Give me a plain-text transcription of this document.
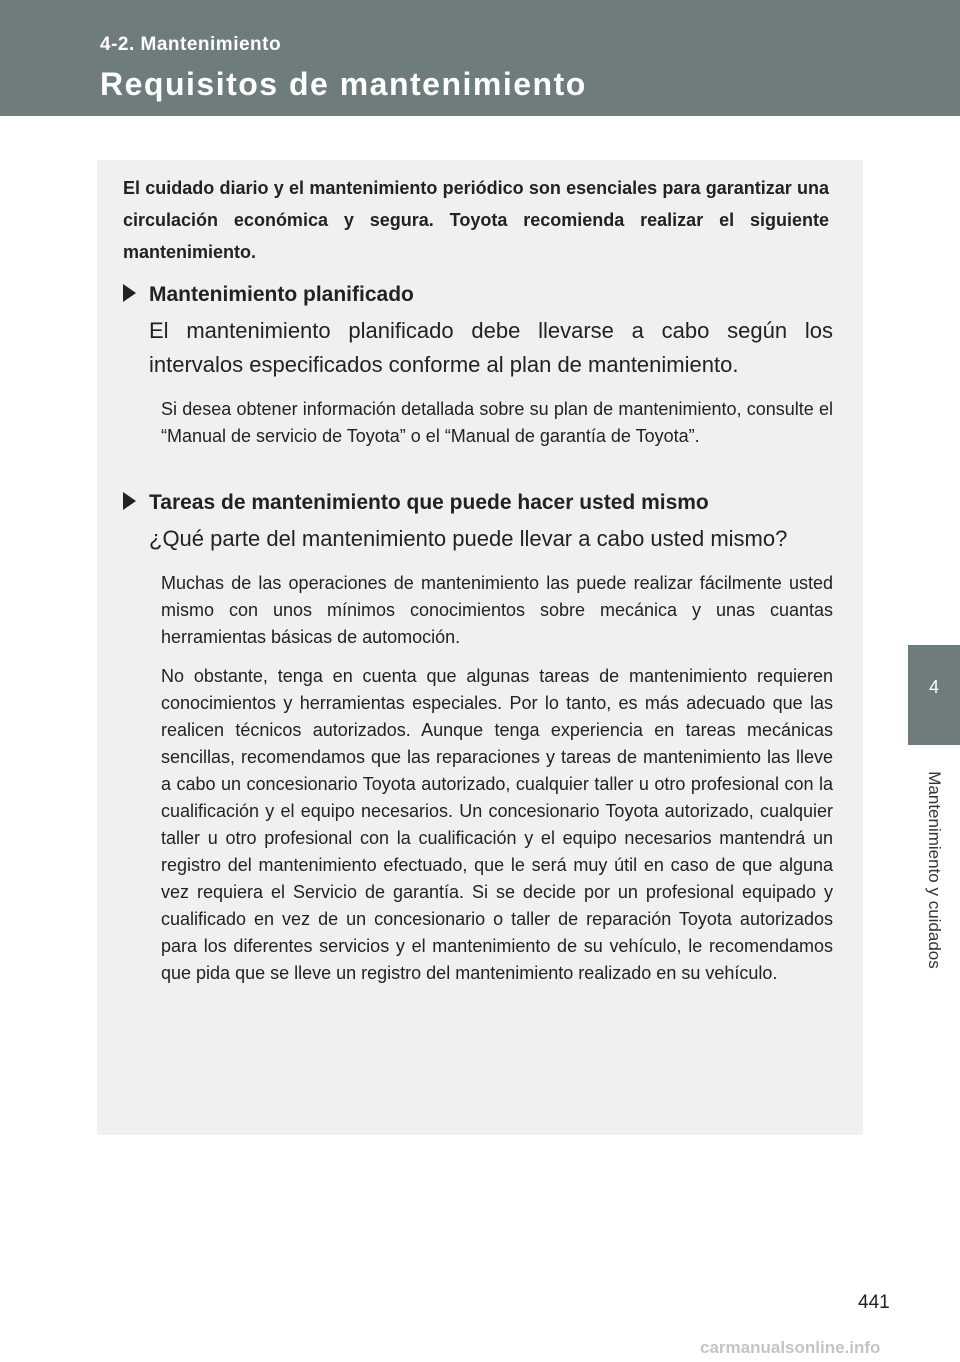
4-2. Mantenimiento
Requisitos de mantenimiento
4
Mantenimiento y cuidados
El cuidado diario y el mantenimiento periódico son esenciales para garantizar una circulación económica y segura. Toyota recomienda realizar el siguiente mantenimiento.
Mantenimiento planificado
El mantenimiento planificado debe llevarse a cabo según los intervalos especificados conforme al plan de mantenimiento.
Si desea obtener información detallada sobre su plan de mantenimiento, consulte el “Manual de servicio de Toyota” o el “Manual de garantía de Toyota”.
Tareas de mantenimiento que puede hacer usted mismo
¿Qué parte del mantenimiento puede llevar a cabo usted mismo?
Muchas de las operaciones de mantenimiento las puede realizar fácilmente usted mismo con unos mínimos conocimientos sobre mecánica y unas cuantas herramientas básicas de automoción.
No obstante, tenga en cuenta que algunas tareas de mantenimiento requieren conocimientos y herramientas especiales. Por lo tanto, es más adecuado que las realicen técnicos autorizados. Aunque tenga experiencia en tareas mecánicas sencillas, recomendamos que las reparaciones y tareas de mantenimiento las lleve a cabo un concesionario Toyota autorizado, cualquier taller u otro profesional con la cualificación y el equipo necesarios. Un concesionario Toyota autorizado, cualquier taller u otro profesional con la cualificación y el equipo necesarios mantendrá un registro del mantenimiento efectuado, que le será muy útil en caso de que alguna vez requiera el Servicio de garantía. Si se decide por un profesional equipado y cualificado en vez de un concesionario o taller de reparación Toyota autorizados para los diferentes servicios y el mantenimiento de su vehículo, le recomendamos que pida que se lleve un registro del mantenimiento realizado en su vehículo.
441
carmanualsonline.info
